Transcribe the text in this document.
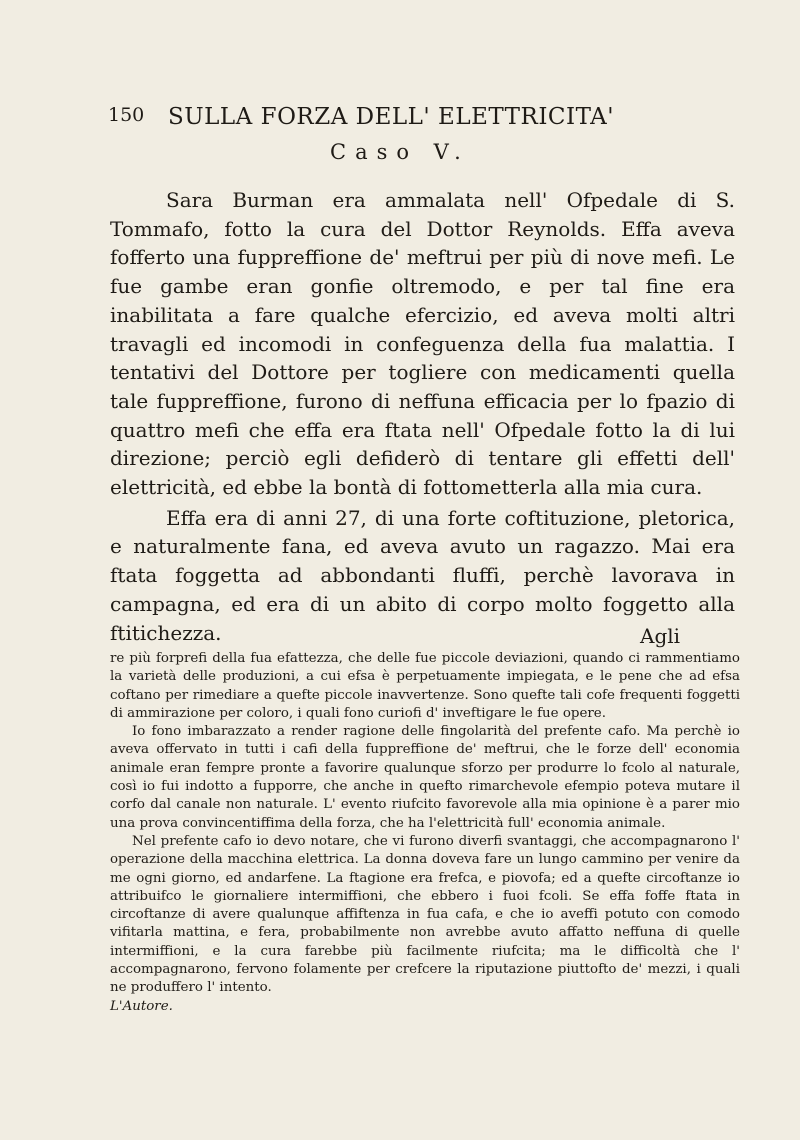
150 SULLA FORZA DELL' ELETTRICITA'
Caso V.

Sara Burman era ammalata nell' Ofpedale di S. Tommafo, fotto la cura del Dottor Reynolds. Effa aveva fofferto una fuppreffione de' meftrui per più di nove mefi. Le fue gambe eran gonfie oltremodo, e per tal fine era inabilitata a fare qualche efercizio, ed aveva molti altri travagli ed incomodi in confeguenza della fua malattia. I tentativi del Dottore per togliere con medicamenti quella tale fuppreffione, furono di neffuna efficacia per lo fpazio di quattro mefi che effa era ftata nell' Ofpedale fotto la di lui direzione; perciò egli defiderò di tentare gli effetti dell' elettricità, ed ebbe la bontà di fottometterla alla mia cura.

Effa era di anni 27, di una forte coftituzione, pletorica, e naturalmente fana, ed aveva avuto un ragazzo. Mai era ftata foggetta ad abbondanti fluffi, perchè lavorava in campagna, ed era di un abito di corpo molto foggetto alla ftitichezza.	Agli

re più forprefi della fua efattezza, che delle fue piccole deviazioni, quando ci rammentiamo la varietà delle produzioni, a cui efsa è perpetuamente impiegata, e le pene che ad efsa coftano per rimediare a quefte piccole inavvertenze. Sono quefte tali cofe frequenti foggetti di ammirazione per coloro, i quali fono curiofi d' inveftigare le fue opere.

Io fono imbarazzato a render ragione delle fingolarità del prefente cafo. Ma perchè io aveva offervato in tutti i cafi della fuppreffione de' meftrui, che le forze dell' economia animale eran fempre pronte a favorire qualunque sforzo per produrre lo fcolo al naturale, così io fui indotto a fupporre, che anche in quefto rimarchevole efempio poteva mutare il corfo dal canale non naturale. L' evento riufcito favorevole alla mia opinione è a parer mio una prova convincentiffima della forza, che ha l'elettricità full' economia animale.

Nel prefente cafo io devo notare, che vi furono diverfi svantaggi, che accompagnarono l' operazione della macchina elettrica. La donna doveva fare un lungo cammino per venire da me ogni giorno, ed andarfene. La ftagione era frefca, e piovofa; ed a quefte circoftanze io attribuifco le giornaliere intermiffioni, che ebbero i fuoi fcoli. Se effa foffe ftata in circoftanze di avere qualunque affiftenza in fua cafa, e che io aveffi potuto con comodo vifitarla mattina, e fera, probabilmente non avrebbe avuto affatto neffuna di quelle intermiffioni, e la cura farebbe più facilmente riufcita; ma le difficoltà che l' accompagnarono, fervono folamente per crefcere la riputazione piuttofto de' mezzi, i quali ne produffero l' intento.

L'Autore.
